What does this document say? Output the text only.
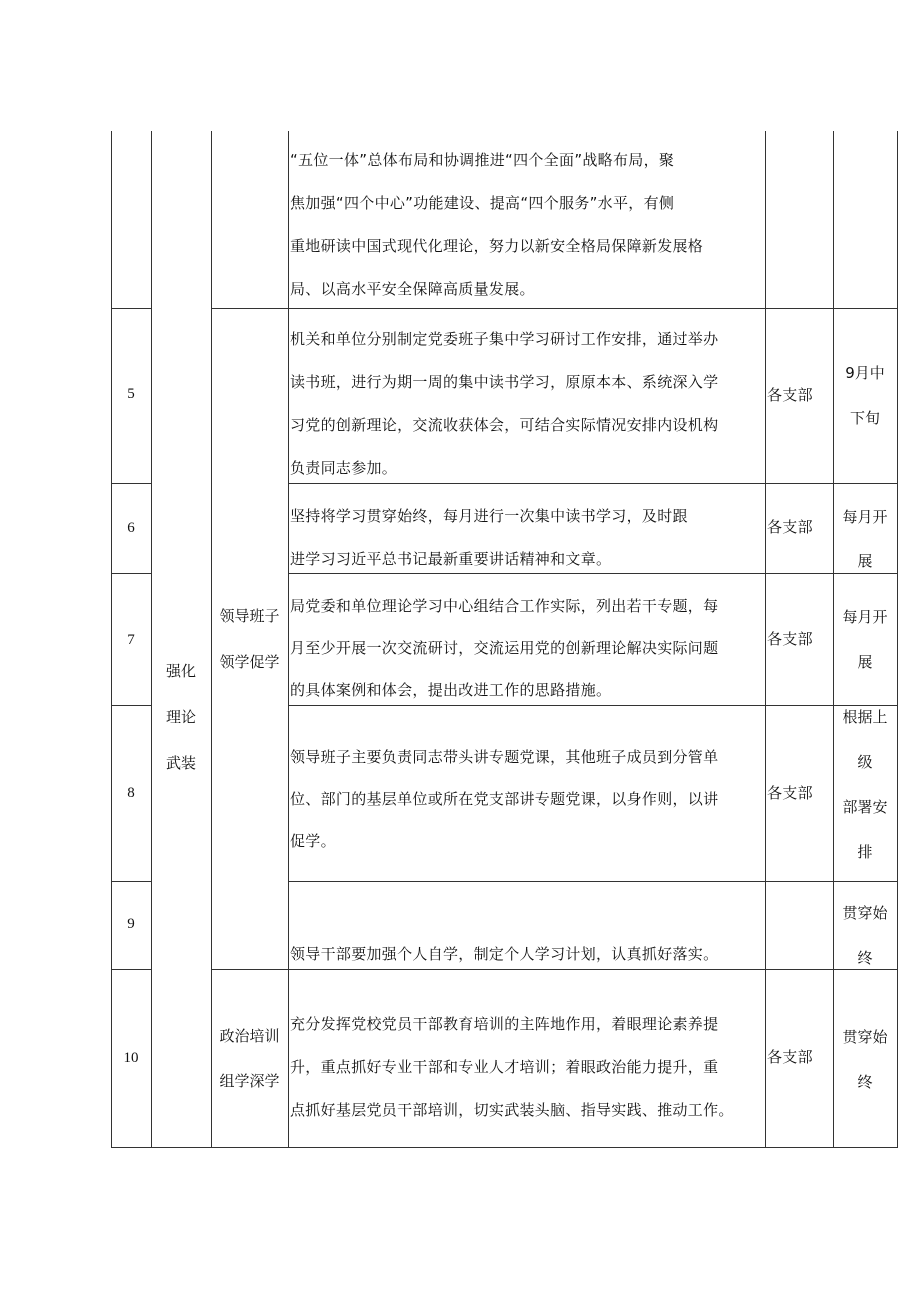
“五位一体”总体布局和协调推进“四个全面”战略布局，聚
焦加强“四个中心”功能建设、提高“四个服务”水平，有侧
重地研读中国式现代化理论，努力以新安全格局保障新发展格
局、以高水平安全保障高质量发展。
5
机关和单位分别制定党委班子集中学习研讨工作安排，通过举办
读书班，进行为期一周的集中读书学习，原原本本、系统深入学
习党的创新理论，交流收获体会，可结合实际情况安排内设机构
负责同志参加。
各支部
9月中
下旬
6
坚持将学习贯穿始终，每月进行一次集中读书学习，及时跟
进学习习近平总书记最新重要讲话精神和文章。
各支部
每月开
展
7
局党委和单位理论学习中心组结合工作实际，列出若干专题，每
月至少开展一次交流研讨，交流运用党的创新理论解决实际问题
的具体案例和体会，提出改进工作的思路措施。
各支部
每月开
展
8
领导班子主要负责同志带头讲专题党课，其他班子成员到分管单
位、部门的基层单位或所在党支部讲专题党课，以身作则，以讲
促学。
各支部
根据上
级
部署安
排
9
领导干部要加强个人自学，制定个人学习计划，认真抓好落实。
贯穿始
终
10
充分发挥党校党员干部教育培训的主阵地作用，着眼理论素养提
升，重点抓好专业干部和专业人才培训；着眼政治能力提升，重
点抓好基层党员干部培训，切实武装头脑、指导实践、推动工作。
各支部
贯穿始
终
强化
理论
武装
领导班子
领学促学
政治培训
组学深学
